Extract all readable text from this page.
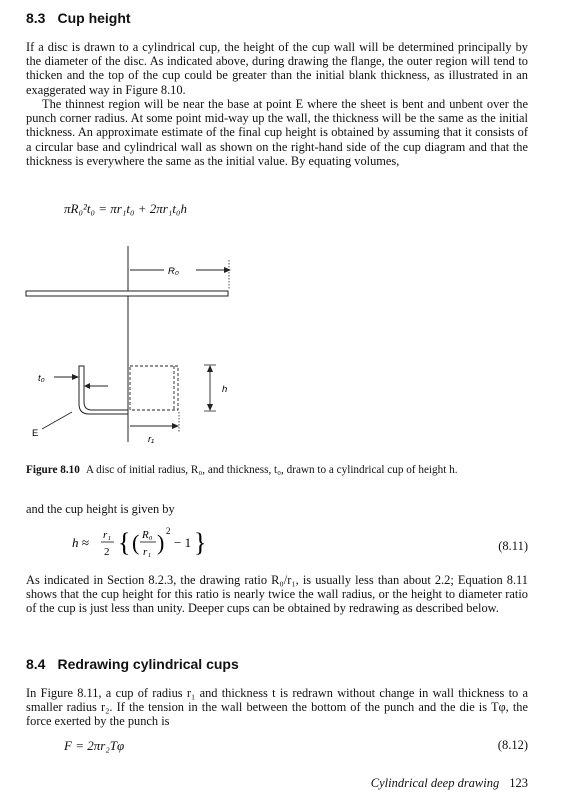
8.3 Cup height

If a disc is drawn to a cylindrical cup, the height of the cup wall will be determined principally by the diameter of the disc. As indicated above, during drawing the flange, the outer region will tend to thicken and the top of the cup could be greater than the initial blank thickness, as illustrated in an exaggerated way in Figure 8.10.

The thinnest region will be near the base at point E where the sheet is bent and unbent over the punch corner radius. At some point mid-way up the wall, the thickness will be the same as the initial thickness. An approximate estimate of the final cup height is obtained by assuming that it consists of a circular base and cylindrical wall as shown on the right-hand side of the cup diagram and that the thickness is everywhere the same as the initial value. By equating volumes,

πR₀²t₀ = πr₁t₀ + 2πr₁t₀h
R₀
t₀
h
E
r₁
Figure 8.10 A disc of initial radius, R₀, and thickness, t₀, drawn to a cylindrical cup of height h.

and the cup height is given by

h ≈ r₁
2 { ( R₀
r₁ ) 2
− 1 }	(8.11)

As indicated in Section 8.2.3, the drawing ratio R₀/r₁, is usually less than about 2.2; Equation 8.11 shows that the cup height for this ratio is nearly twice the wall radius, or the height to diameter ratio of the cup is just less than unity. Deeper cups can be obtained by redrawing as described below.

8.4 Redrawing cylindrical cups

In Figure 8.11, a cup of radius r₁ and thickness t is redrawn without change in wall thickness to a smaller radius r₂. If the tension in the wall between the bottom of the punch and the die is Tφ, the force exerted by the punch is

F = 2πr₂Tφ	(8.12)
Cylindrical deep drawing 123
